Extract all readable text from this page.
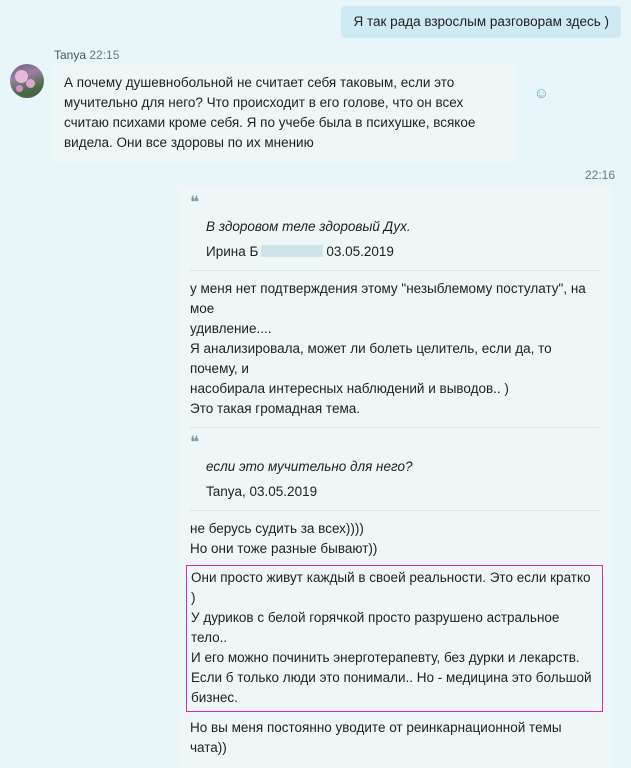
Я так рада взрослым разговорам здесь )
Tanya 22:15
А почему душевнобольной не считает себя таковым, если это мучительно для него? Что происходит в его голове, что он всех считаю психами кроме себя. Я по учебе была в психушке, всякое видела. Они все здоровы по их мнению ☺
22:16
❝
В здоровом теле здоровый Дух.
Ирина Б	03.05.2019

у меня нет подтверждения этому "незыблемому постулату", на мое

удивление....

Я анализировала, может ли болеть целитель, если да, то почему, и

насобирала интересных наблюдений и выводов.. )

Это такая громадная тема.

❝
если это мучительно для него?
Tanya, 03.05.2019

не берусь судить за всех))))

Но они тоже разные бывают))

Они просто живут каждый в своей реальности. Это если кратко )

У дуриков с белой горячкой просто разрушено астральное тело..

И его можно починить энерготерапевту, без дурки и лекарств.

Если б только люди это понимали.. Но - медицина это большой

бизнес.

Но вы меня постоянно уводите от реинкарнационной темы чата))
